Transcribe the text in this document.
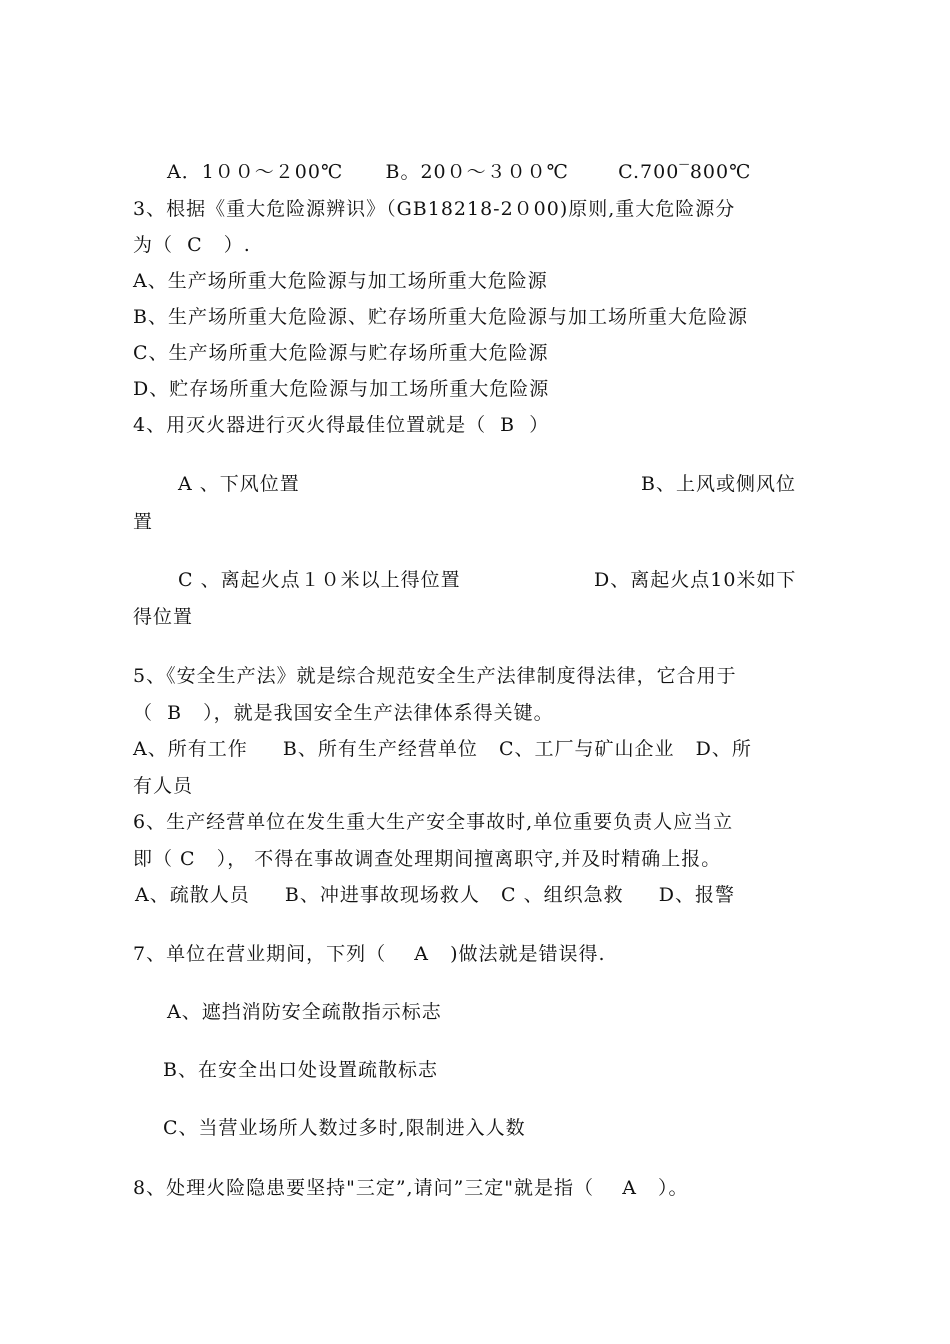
A．1００～２00℃      B。20０～３００℃       C.700‾800℃
3、根据《重大危险源辨识》（GB18218-2０00)原则,重大危险源分
为（  C   ）.
A、生产场所重大危险源与加工场所重大危险源
B、生产场所重大危险源、贮存场所重大危险源与加工场所重大危险源
C、生产场所重大危险源与贮存场所重大危险源
D、贮存场所重大危险源与加工场所重大危险源
4、用灭火器进行灭火得最佳位置就是（  B  ）
A 、下风位置	B、上风或侧风位
置
C 、离起火点１０米以上得位置	D、离起火点10米如下
得位置
5、《安全生产法》就是综合规范安全生产法律制度得法律，它合用于
（  B   ），就是我国安全生产法律体系得关键。
A、所有工作     B、所有生产经营单位   C、工厂与矿山企业   D、所
有人员
6、生产经营单位在发生重大生产安全事故时,单位重要负责人应当立
即（ C   ）， 不得在事故调查处理期间擅离职守,并及时精确上报。
A、疏散人员     B、冲进事故现场救人   C 、组织急救     D、报警
7、单位在营业期间，下列（    A   )做法就是错误得.
A、遮挡消防安全疏散指示标志
B、在安全出口处设置疏散标志
C、当营业场所人数过多时,限制进入人数
8、处理火险隐患要坚持"三定”,请问”三定"就是指（    A   ）。
